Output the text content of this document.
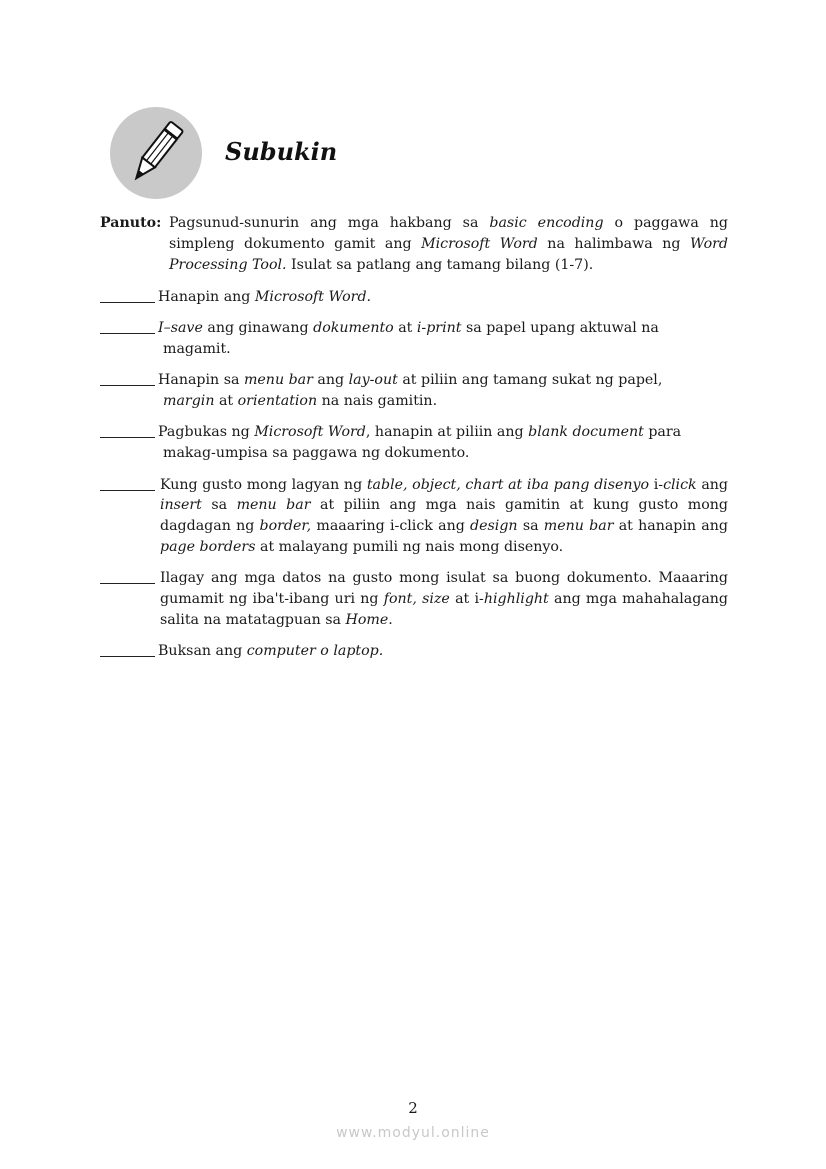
Subukin
Panuto: Pagsunud-sunurin ang mga hakbang sa basic encoding o paggawa ng simpleng dokumento gamit ang Microsoft Word na halimbawa ng Word Processing Tool. Isulat sa patlang ang tamang bilang (1-7).
Hanapin ang Microsoft Word.
I–save ang ginawang dokumento at i-print sa papel upang aktuwal na
magamit.
Hanapin sa menu bar ang lay-out at piliin ang tamang sukat ng papel,
margin at orientation na nais gamitin.
Pagbukas ng Microsoft Word, hanapin at piliin ang blank document para
makag-umpisa sa paggawa ng dokumento.
Kung gusto mong lagyan ng table, object, chart at iba pang disenyo i-click ang insert sa menu bar at piliin ang mga nais gamitin at kung gusto mong dagdagan ng border, maaaring i-click ang design sa menu bar at hanapin ang page borders at malayang pumili ng nais mong disenyo.
Ilagay ang mga datos na gusto mong isulat sa buong dokumento. Maaaring gumamit ng iba't-ibang uri ng font, size at i-highlight ang mga mahahalagang salita na matatagpuan sa Home.
Buksan ang computer o laptop.
2
www.modyul.online
